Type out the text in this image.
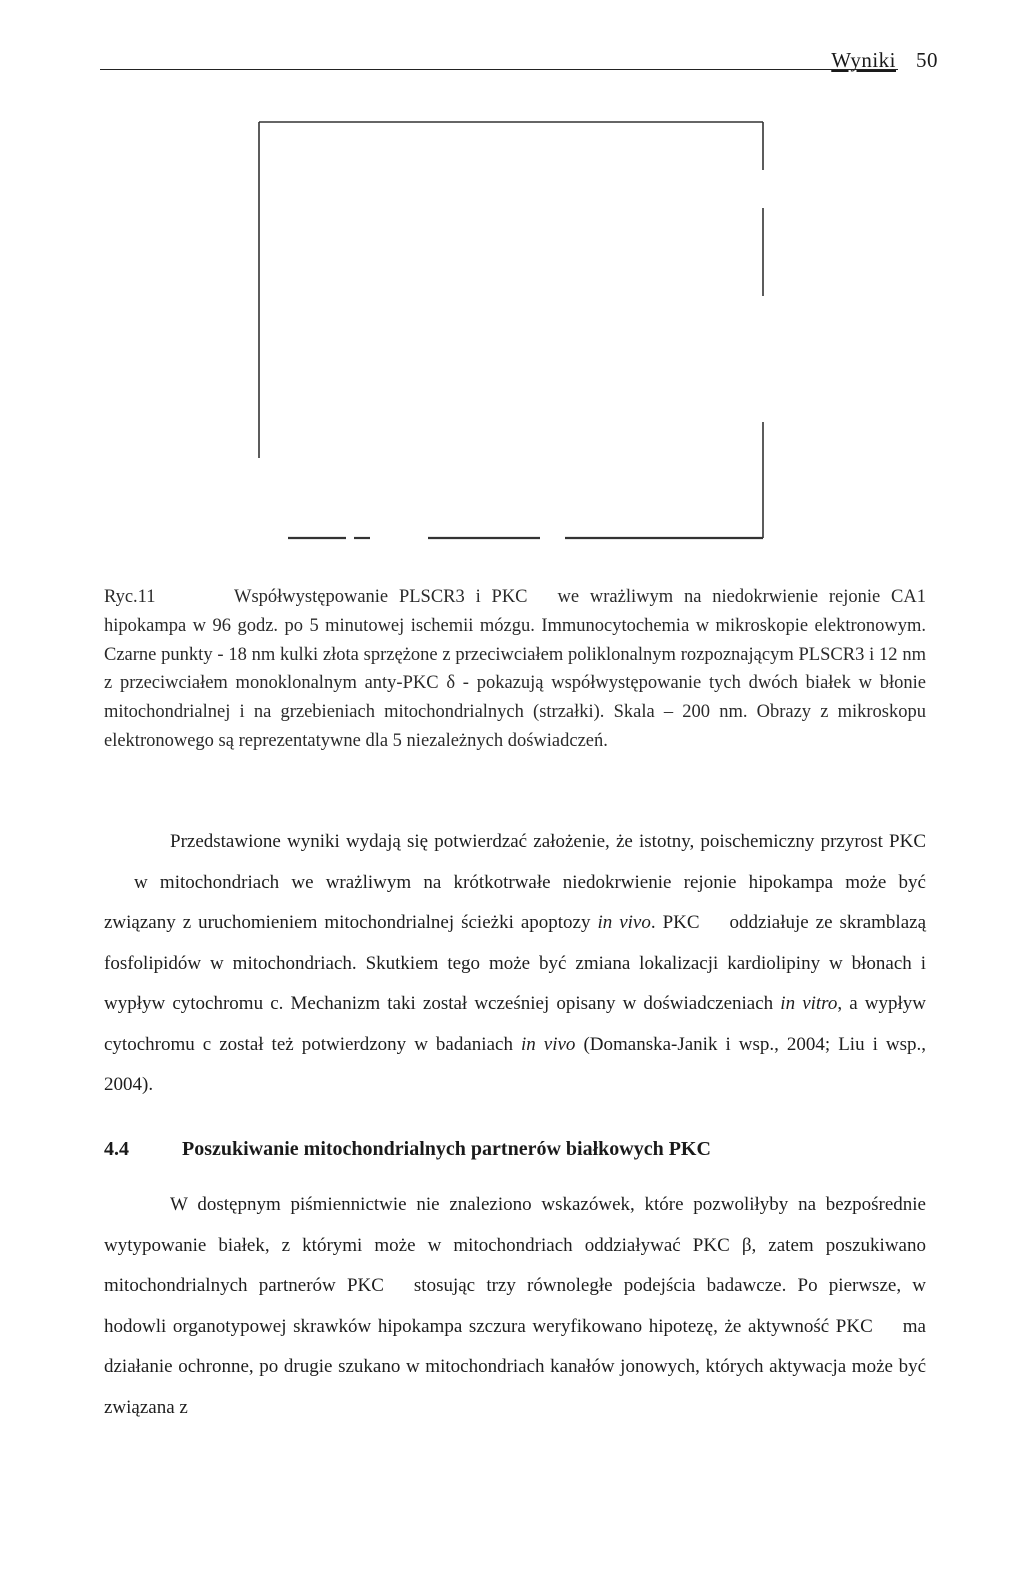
Wyniki 50
Ryc.11	Współwystępowanie PLSCR3 i PKC we wrażliwym na niedokrwienie rejonie CA1 hipokampa w 96 godz. po 5 minutowej ischemii mózgu. Immunocytochemia w mikroskopie elektronowym. Czarne punkty - 18 nm kulki złota sprzężone z przeciwciałem poliklonalnym rozpoznającym PLSCR3 i 12 nm z przeciwciałem monoklonalnym anty-PKC δ - pokazują współwystępowanie tych dwóch białek w błonie mitochondrialnej i na grzebieniach mitochondrialnych (strzałki). Skala – 200 nm. Obrazy z mikroskopu elektronowego są reprezentatywne dla 5 niezależnych doświadczeń.
Przedstawione wyniki wydają się potwierdzać założenie, że istotny, poischemiczny przyrost PKCw mitochondriach we wrażliwym na krótkotrwałe niedokrwienie rejonie hipokampa może być związany z uruchomieniem mitochondrialnej ścieżki apoptozy in vivo. PKC oddziałuje ze skramblazą fosfolipidów w mitochondriach. Skutkiem tego może być zmiana lokalizacji kardiolipiny w błonach i wypływ cytochromu c. Mechanizm taki został wcześniej opisany w doświadczeniach in vitro, a wypływ cytochromu c został też potwierdzony w badaniach in vivo (Domanska-Janik i wsp., 2004; Liu i wsp., 2004).
4.4	Poszukiwanie mitochondrialnych partnerów białkowych PKC
W dostępnym piśmiennictwie nie znaleziono wskazówek, które pozwoliłyby na bezpośrednie wytypowanie białek, z którymi może w mitochondriach oddziaływać PKC β, zatem poszukiwano mitochondrialnych partnerów PKC stosując trzy równoległe podejścia badawcze. Po pierwsze, w hodowli organotypowej skrawków hipokampa szczura weryfikowano hipotezę, że aktywność PKC ma działanie ochronne, po drugie szukano w mitochondriach kanałów jonowych, których aktywacja może być związana z
